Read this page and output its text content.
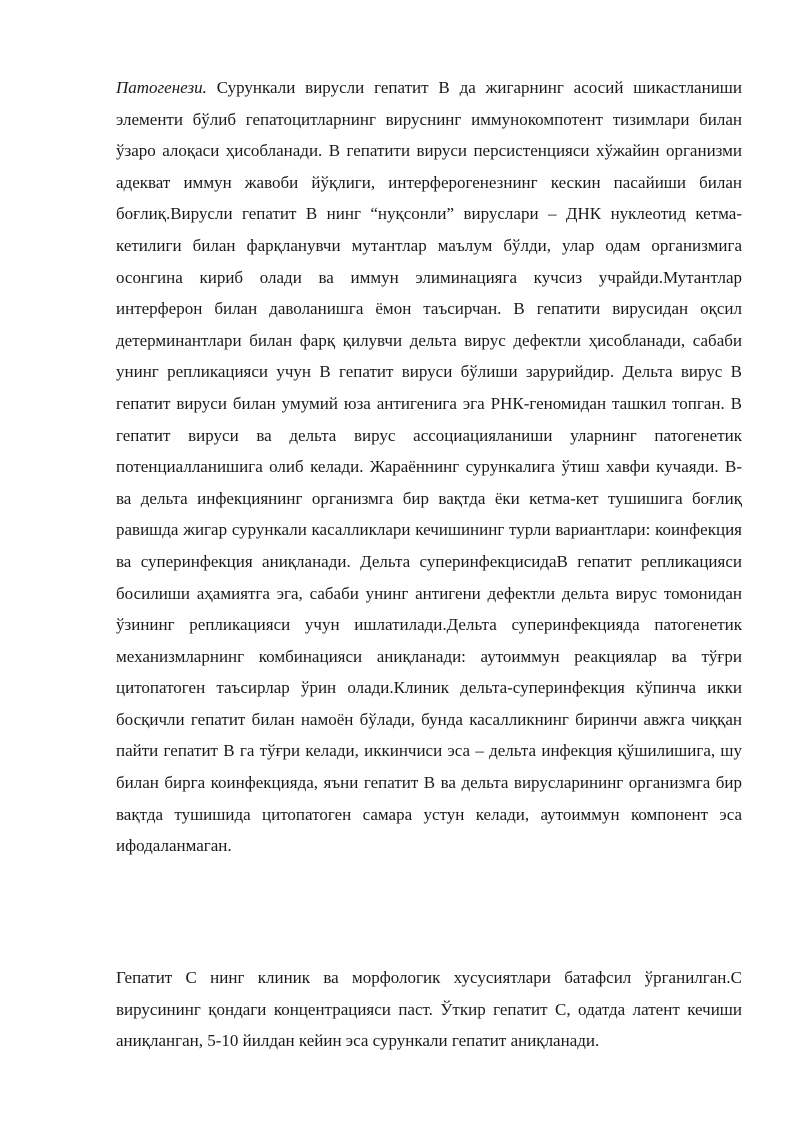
Патогенези. Сурункали вирусли гепатит В да жигарнинг асосий шикастланиши элементи бўлиб гепатоцитларнинг вируснинг иммунокомпотент тизимлари билан ўзаро алоқаси ҳисобланади. В гепатити вируси персистенцияси хўжайин организми адекват иммун жавоби йўқлиги, интерферогенезнинг кескин пасайиши билан боғлиқ.Вирусли гепатит В нинг “нуқсонли” вируслари – ДНК нуклеотид кетма-кетилиги билан фарқланувчи мутантлар маълум бўлди, улар одам организмига осонгина кириб олади ва иммун элиминацияга кучсиз учрайди.Мутантлар интерферон билан даволанишга ёмон таъсирчан. В гепатити вирусидан оқсил детерминантлари билан фарқ қилувчи дельта вирус дефектли ҳисобланади, сабаби унинг репликацияси учун В гепатит вируси бўлиши зарурийдир. Дельта вирус В гепатит вируси билан умумий юза антигенига эга РНК-геномидан ташкил топган. В гепатит вируси ва дельта вирус ассоциацияланиши уларнинг патогенетик потенциалланишига олиб келади. Жараённинг сурункалига ўтиш хавфи кучаяди. В- ва дельта инфекциянинг организмга бир вақтда ёки кетма-кет тушишига боғлиқ равишда жигар сурункали касалликлари кечишининг турли вариантлари: коинфекция ва суперинфекция аниқланади. Дельта суперинфекцисидаВ гепатит репликацияси босилиши аҳамиятга эга, сабаби унинг антигени дефектли дельта вирус томонидан ўзининг репликацияси учун ишлатилади.Дельта суперинфекцияда патогенетик механизмларнинг комбинацияси аниқланади: аутоиммун реакциялар ва тўғри цитопатоген таъсирлар ўрин олади.Клиник дельта-суперинфекция кўпинча икки босқичли гепатит билан намоён бўлади, бунда касалликнинг биринчи авжга чиққан пайти гепатит В га тўғри келади, иккинчиси эса – дельта инфекция қўшилишига, шу билан бирга коинфекцияда, яъни гепатит В ва дельта вирусларининг организмга бир вақтда тушишида цитопатоген самара устун келади, аутоиммун компонент эса ифодаланмаган.

Гепатит С нинг клиник ва морфологик хусусиятлари батафсил ўрганилган.С вирусининг қондаги концентрацияси паст. Ўткир гепатит С, одатда латент кечиши аниқланган, 5-10 йилдан кейин эса сурункали гепатит аниқланади.
